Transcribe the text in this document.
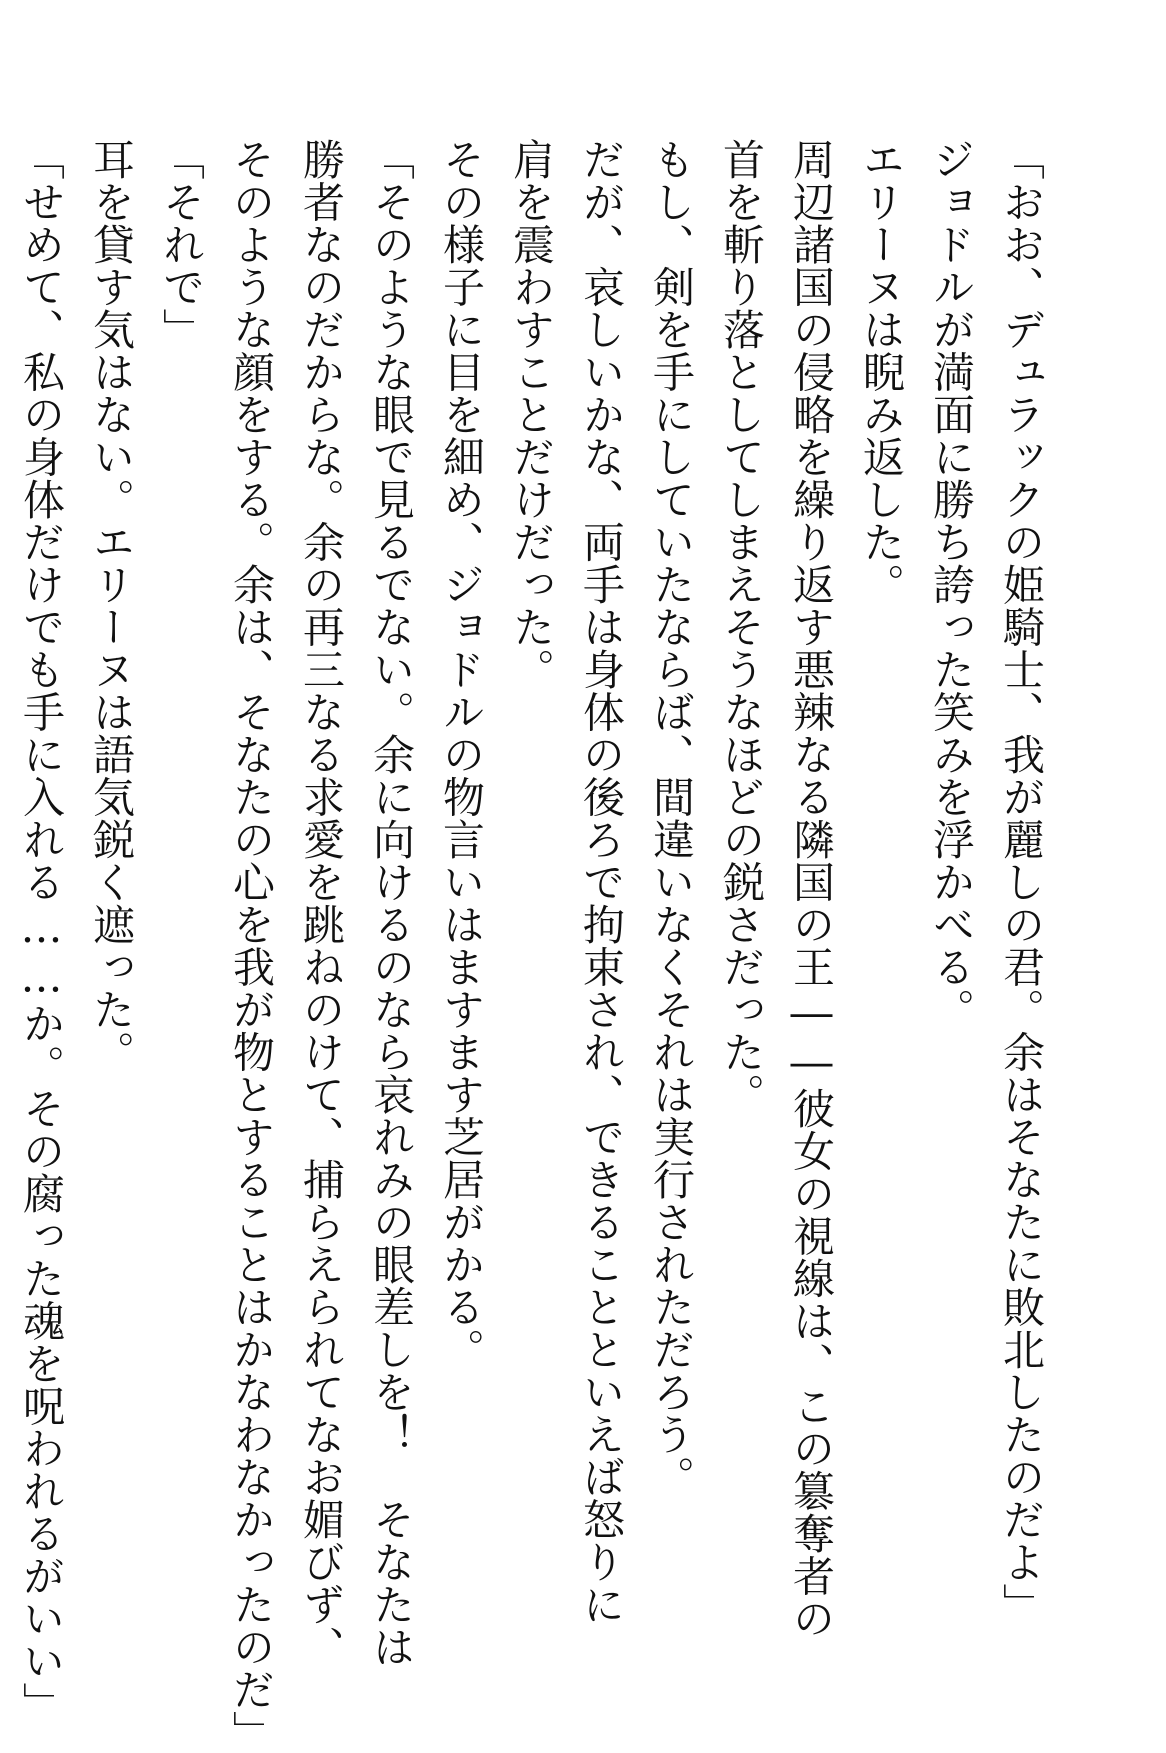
「おお、デュラックの姫騎士、我が麗しの君。余はそなたに敗北したのだよ」

ジョドルが満面に勝ち誇った笑みを浮かべる。

エリーヌは睨み返した。

周辺諸国の侵略を繰り返す悪辣なる隣国の王――彼女の視線は、この簒奪者の

首を斬り落としてしまえそうなほどの鋭さだった。

もし、剣を手にしていたならば、間違いなくそれは実行されただろう。

だが、哀しいかな、両手は身体の後ろで拘束され、できることといえば怒りに

肩を震わすことだけだった。

その様子に目を細め、ジョドルの物言いはますます芝居がかる。

「そのような眼で見るでない。余に向けるのなら哀れみの眼差しを！　そなたは

勝者なのだからな。余の再三なる求愛を跳ねのけて、捕らえられてなお媚びず、

そのような顔をする。余は、そなたの心を我が物とすることはかなわなかったのだ」

「それで」

耳を貸す気はない。エリーヌは語気鋭く遮った。

「せめて、私の身体だけでも手に入れる……か。その腐った魂を呪われるがいい」
